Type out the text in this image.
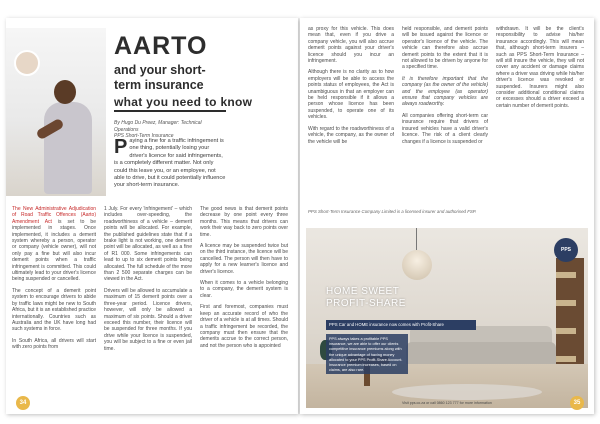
AARTO
and your short-term insurance
what you need to know
By Hugo Du Preez, Manager: Technical Operations
PPS Short-Term Insurance
Paying a fine for a traffic infringement is one thing, potentially losing your driver's licence for said infringements, is a completely different matter. Not only could this leave you, or an employee, not able to drive, but it could potentially influence your short-term insurance.

The New Administrative Adjudication of Road Traffic Offences (Aarto) Amendment Act is set to be implemented in stages. Once implemented, it includes a demerit system whereby a person, operator or company (vehicle owner), will not only pay a fine but will also incur demerit points when a traffic infringement is committed. This could ultimately lead to your driver's licence being suspended or cancelled.

The concept of a demerit point system to encourage drivers to abide by traffic laws might be new to South Africa, but it is an established practice internationally. Countries such as Australia and the UK have long had such systems in force.

In South Africa, all drivers will start with zero points from

1 July. For every 'infringement' – which includes over-speeding, the roadworthiness of a vehicle – demerit points will be allocated. For example, the published guidelines state that if a brake light is not working, one demerit point will be allocated, as well as a fine of R1 000. Some infringements can lead to up to six demerit points being allocated. The full schedule of the more than 2 500 separate charges can be viewed in the Act.

Drivers will be allowed to accumulate a maximum of 15 demerit points over a three-year period. Licence drivers, however, will only be allowed a maximum of six points. Should a driver exceed this number, their licence will be suspended for three months. If you drive while your licence is suspended, you will be subject to a fine or even jail time.

The good news is that demerit points decrease by one point every three months. This means that drivers can work their way back to zero points over time.

A licence may be suspended twice but on the third instance, the licence will be cancelled. The person will then have to apply for a new learner's licence and driver's licence.

When it comes to a vehicle belonging to a company, the demerit system is clear.

First and foremost, companies must keep an accurate record of who the driver of a vehicle is at all times. Should a traffic infringement be recorded, the company must then ensure that the demerits accrue to the correct person, and not the person who is appointed

34

as proxy for this vehicle. This does mean that, even if you drive a company vehicle, you will also accrue demerit points against your driver's licence should you incur an infringement.

Although there is no clarity as to how employers will be able to access the points status of employees, the Act is unambiguous in that an employer can be held responsible if it allows a person whose licence has been suspended, to operate one of its vehicles.

With regard to the roadworthiness of a vehicle, the company, as the owner of the vehicle will be

held responsible, and demerit points will be issued against the licence or operator's licence of the vehicle. The vehicle can therefore also accrue demerit points to the extent that it is not allowed to be driven by anyone for a specified time.

It is therefore important that the company (as the owner of the vehicle) and the employee (as operator) ensure that company vehicles are always roadworthy.

All companies offering short-term car insurance require that drivers of insured vehicles have a valid driver's licence. The risk of a client clearly changes if a licence is suspended or

withdrawn. It will be the client's responsibility to advise his/her insurance accordingly. This will mean that, although short-term insurers – such as PPS Short-Term Insurance – will still insure the vehicle, they will not cover any accident or damage claims where a driver was driving while his/her driver's licence was revoked or suspended. Insurers might also consider additional conditional claims or excesses should a driver exceed a certain number of demerit points.

PPS Short-Term Insurance Company Limited is a licensed insurer and authorised FSP.
PPS
HOME SWEET
PROFIT-SHARE
PPS Car and HOME insurance now comes with Profit-Share
PPS always takes a profitable PPS insurance, we are able to offer our clients competitive insurance premiums along with the unique advantage of having money allocated to your PPS Profit-Share Account. Insurance premium increases, based on claims, are also rare.
Visit pps.co.za or call 0860 123 777 for more information	35
